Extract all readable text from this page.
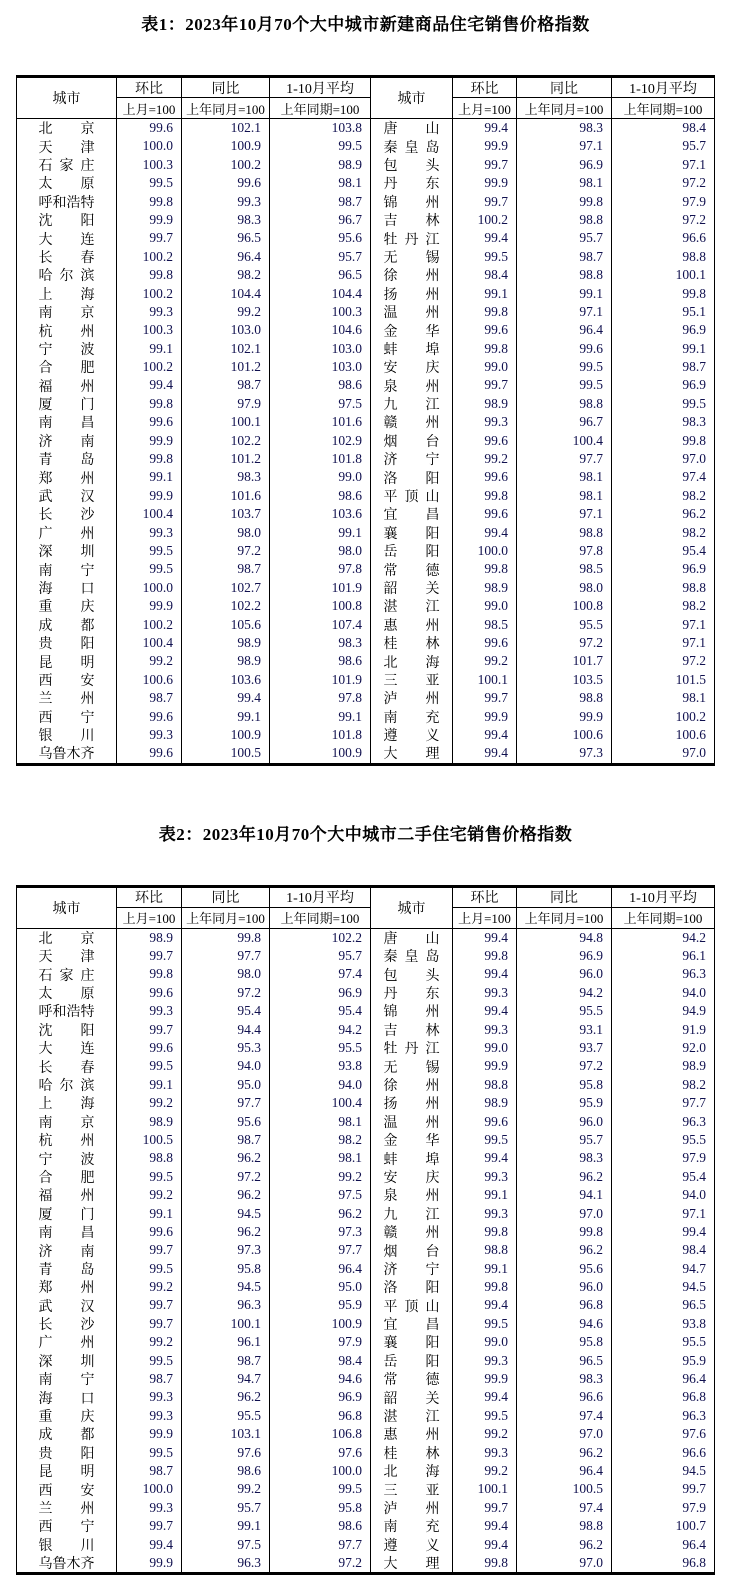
表1：2023年10月70个大中城市新建商品住宅销售价格指数
城市
环比	同比	1-10月平均
上月=100 上年同月=100	上年同期=100
北 京	99.6	102.1	103.8
天 津	100.0	100.9	99.5
石 家 庄	100.3	100.2	98.9
太 原	99.5	99.6	98.1
呼 和 浩 特	99.8	99.3	98.7
沈 阳	99.9	98.3	96.7
大 连	99.7	96.5	95.6
长 春	100.2	96.4	95.7
哈 尔 滨	99.8	98.2	96.5
上 海	100.2	104.4	104.4
南 京	99.3	99.2	100.3
杭 州	100.3	103.0	104.6
宁 波	99.1	102.1	103.0
合 肥	100.2	101.2	103.0
福 州	99.4	98.7	98.6
厦 门	99.8	97.9	97.5
南 昌	99.6	100.1	101.6
济 南	99.9	102.2	102.9
青 岛	99.8	101.2	101.8
郑 州	99.1	98.3	99.0
武 汉	99.9	101.6	98.6
长 沙	100.4	103.7	103.6
广 州	99.3	98.0	99.1
深 圳	99.5	97.2	98.0
南 宁	99.5	98.7	97.8
海 口	100.0	102.7	101.9
重 庆	99.9	102.2	100.8
成 都	100.2	105.6	107.4
贵 阳	100.4	98.9	98.3
昆 明	99.2	98.9	98.6
西 安	100.6	103.6	101.9
兰 州	98.7	99.4	97.8
西 宁	99.6	99.1	99.1
银 川	99.3	100.9	101.8
乌 鲁 木 齐	99.6	100.5	100.9
城市
环比	同比	1-10月平均
上月=100	上年同月=100	上年同期=100
唐 山	99.4	98.3	98.4
秦 皇 岛	99.9	97.1	95.7
包 头	99.7	96.9	97.1
丹 东	99.9	98.1	97.2
锦 州	99.7	99.8	97.9
吉 林	100.2	98.8	97.2
牡 丹 江	99.4	95.7	96.6
无 锡	99.5	98.7	98.8
徐 州	98.4	98.8	100.1
扬 州	99.1	99.1	99.8
温 州	99.8	97.1	95.1
金 华	99.6	96.4	96.9
蚌 埠	99.8	99.6	99.1
安 庆	99.0	99.5	98.7
泉 州	99.7	99.5	96.9
九 江	98.9	98.8	99.5
赣 州	99.3	96.7	98.3
烟 台	99.6	100.4	99.8
济 宁	99.2	97.7	97.0
洛 阳	99.6	98.1	97.4
平 顶 山	99.8	98.1	98.2
宜 昌	99.6	97.1	96.2
襄 阳	99.4	98.8	98.2
岳 阳	100.0	97.8	95.4
常 德	99.8	98.5	96.9
韶 关	98.9	98.0	98.8
湛 江	99.0	100.8	98.2
惠 州	98.5	95.5	97.1
桂 林	99.6	97.2	97.1
北 海	99.2	101.7	97.2
三 亚	100.1	103.5	101.5
泸 州	99.7	98.8	98.1
南 充	99.9	99.9	100.2
遵 义	99.4	100.6	100.6
大 理	99.4	97.3	97.0
表2：2023年10月70个大中城市二手住宅销售价格指数
城市
环比	同比	1-10月平均
上月=100 上年同月=100	上年同期=100
北 京	98.9	99.8	102.2
天 津	99.7	97.7	95.7
石 家 庄	99.8	98.0	97.4
太 原	99.6	97.2	96.9
呼 和 浩 特	99.3	95.4	95.4
沈 阳	99.7	94.4	94.2
大 连	99.6	95.3	95.5
长 春	99.5	94.0	93.8
哈 尔 滨	99.1	95.0	94.0
上 海	99.2	97.7	100.4
南 京	98.9	95.6	98.1
杭 州	100.5	98.7	98.2
宁 波	98.8	96.2	98.1
合 肥	99.5	97.2	99.2
福 州	99.2	96.2	97.5
厦 门	99.1	94.5	96.2
南 昌	99.6	96.2	97.3
济 南	99.7	97.3	97.7
青 岛	99.5	95.8	96.4
郑 州	99.2	94.5	95.0
武 汉	99.7	96.3	95.9
长 沙	99.7	100.1	100.9
广 州	99.2	96.1	97.9
深 圳	99.5	98.7	98.4
南 宁	98.7	94.7	94.6
海 口	99.3	96.2	96.9
重 庆	99.3	95.5	96.8
成 都	99.9	103.1	106.8
贵 阳	99.5	97.6	97.6
昆 明	98.7	98.6	100.0
西 安	100.0	99.2	99.5
兰 州	99.3	95.7	95.8
西 宁	99.7	99.1	98.6
银 川	99.4	97.5	97.7
乌 鲁 木 齐	99.9	96.3	97.2
城市
环比	同比	1-10月平均
上月=100	上年同月=100	上年同期=100
唐 山	99.4	94.8	94.2
秦 皇 岛	99.8	96.9	96.1
包 头	99.4	96.0	96.3
丹 东	99.3	94.2	94.0
锦 州	99.4	95.5	94.9
吉 林	99.3	93.1	91.9
牡 丹 江	99.0	93.7	92.0
无 锡	99.9	97.2	98.9
徐 州	98.8	95.8	98.2
扬 州	98.9	95.9	97.7
温 州	99.6	96.0	96.3
金 华	99.5	95.7	95.5
蚌 埠	99.4	98.3	97.9
安 庆	99.3	96.2	95.4
泉 州	99.1	94.1	94.0
九 江	99.3	97.0	97.1
赣 州	99.8	99.8	99.4
烟 台	98.8	96.2	98.4
济 宁	99.1	95.6	94.7
洛 阳	99.8	96.0	94.5
平 顶 山	99.4	96.8	96.5
宜 昌	99.5	94.6	93.8
襄 阳	99.0	95.8	95.5
岳 阳	99.3	96.5	95.9
常 德	99.9	98.3	96.4
韶 关	99.4	96.6	96.8
湛 江	99.5	97.4	96.3
惠 州	99.2	97.0	97.6
桂 林	99.3	96.2	96.6
北 海	99.2	96.4	94.5
三 亚	100.1	100.5	99.7
泸 州	99.7	97.4	97.9
南 充	99.4	98.8	100.7
遵 义	99.4	96.2	96.4
大 理	99.8	97.0	96.8
